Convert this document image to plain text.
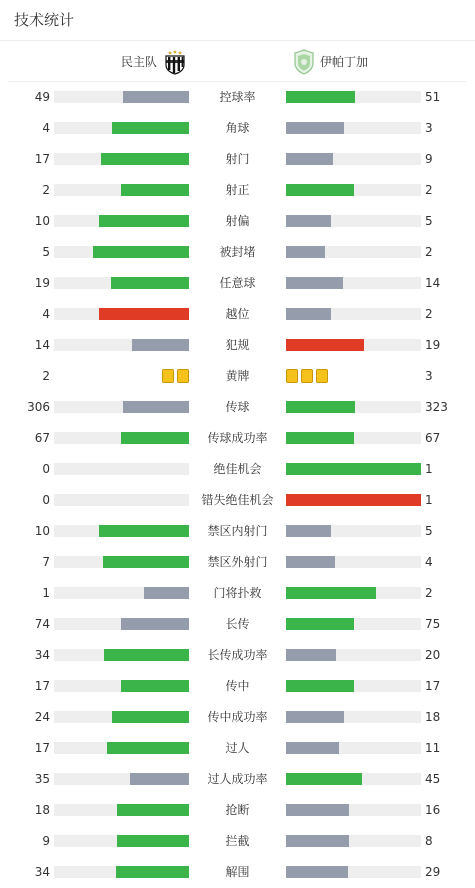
技术统计
民主队	伊帕丁加
49	控球率	51
4	角球	3
17	射门	9
2	射正	2
10	射偏	5
5	被封堵	2
19	任意球	14
4	越位	2
14	犯规	19
2	黄牌	3
306	传球	323
67	传球成功率	67
0	绝佳机会	1
0	错失绝佳机会	1
10	禁区内射门	5
7	禁区外射门	4
1	门将扑救	2
74	长传	75
34	长传成功率	20
17	传中	17
24	传中成功率	18
17	过人	11
35	过人成功率	45
18	抢断	16
9	拦截	8
34	解围	29
